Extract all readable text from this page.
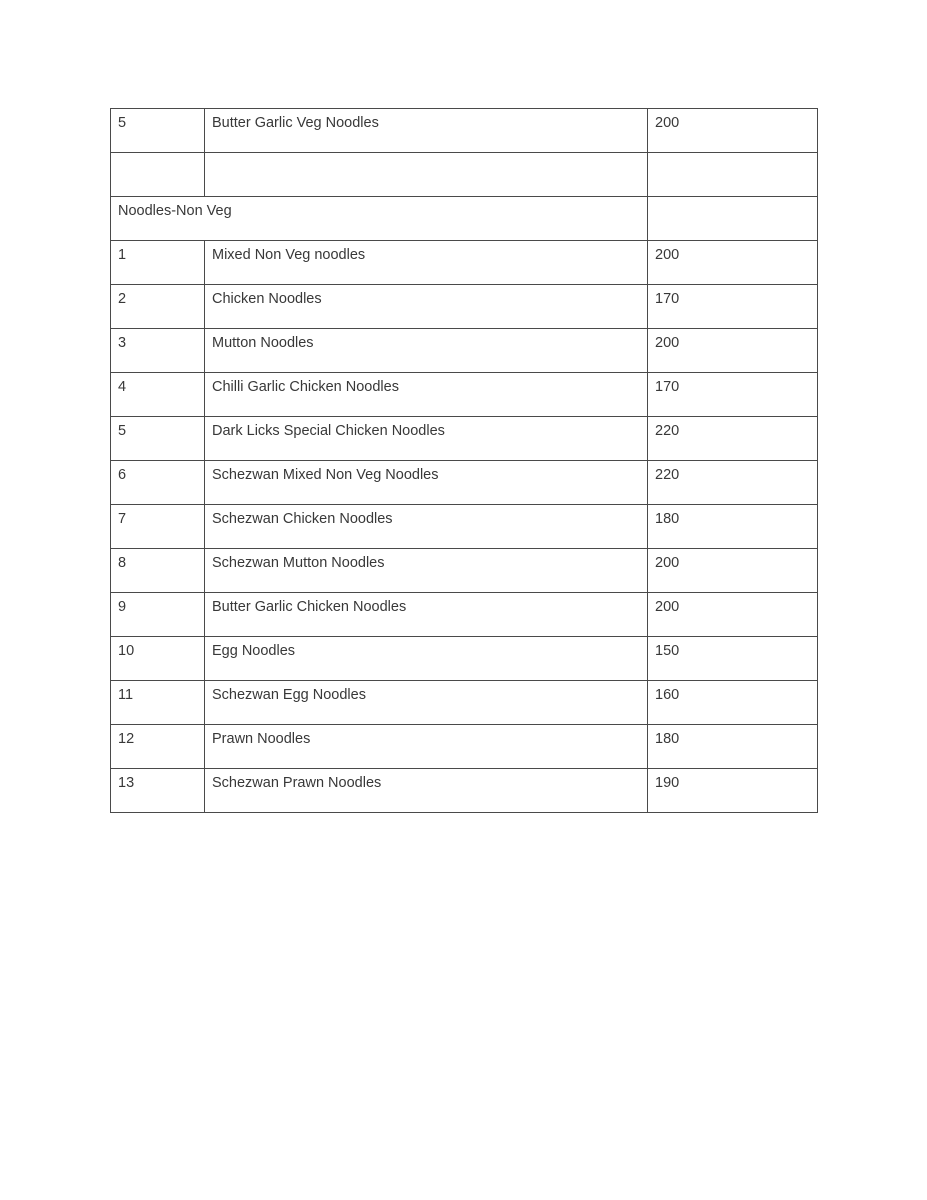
5	Butter Garlic Veg Noodles	200

Noodles-Non Veg		
1	Mixed Non Veg noodles	200
2	Chicken Noodles	170
3	Mutton Noodles	200
4	Chilli Garlic Chicken Noodles	170
5	Dark Licks Special Chicken Noodles	220
6	Schezwan Mixed Non Veg Noodles	220
7	Schezwan Chicken Noodles	180
8	Schezwan Mutton Noodles	200
9	Butter Garlic Chicken Noodles	200
10	Egg Noodles	150
11	Schezwan Egg Noodles	160
12	Prawn Noodles	180
13	Schezwan Prawn Noodles	190
